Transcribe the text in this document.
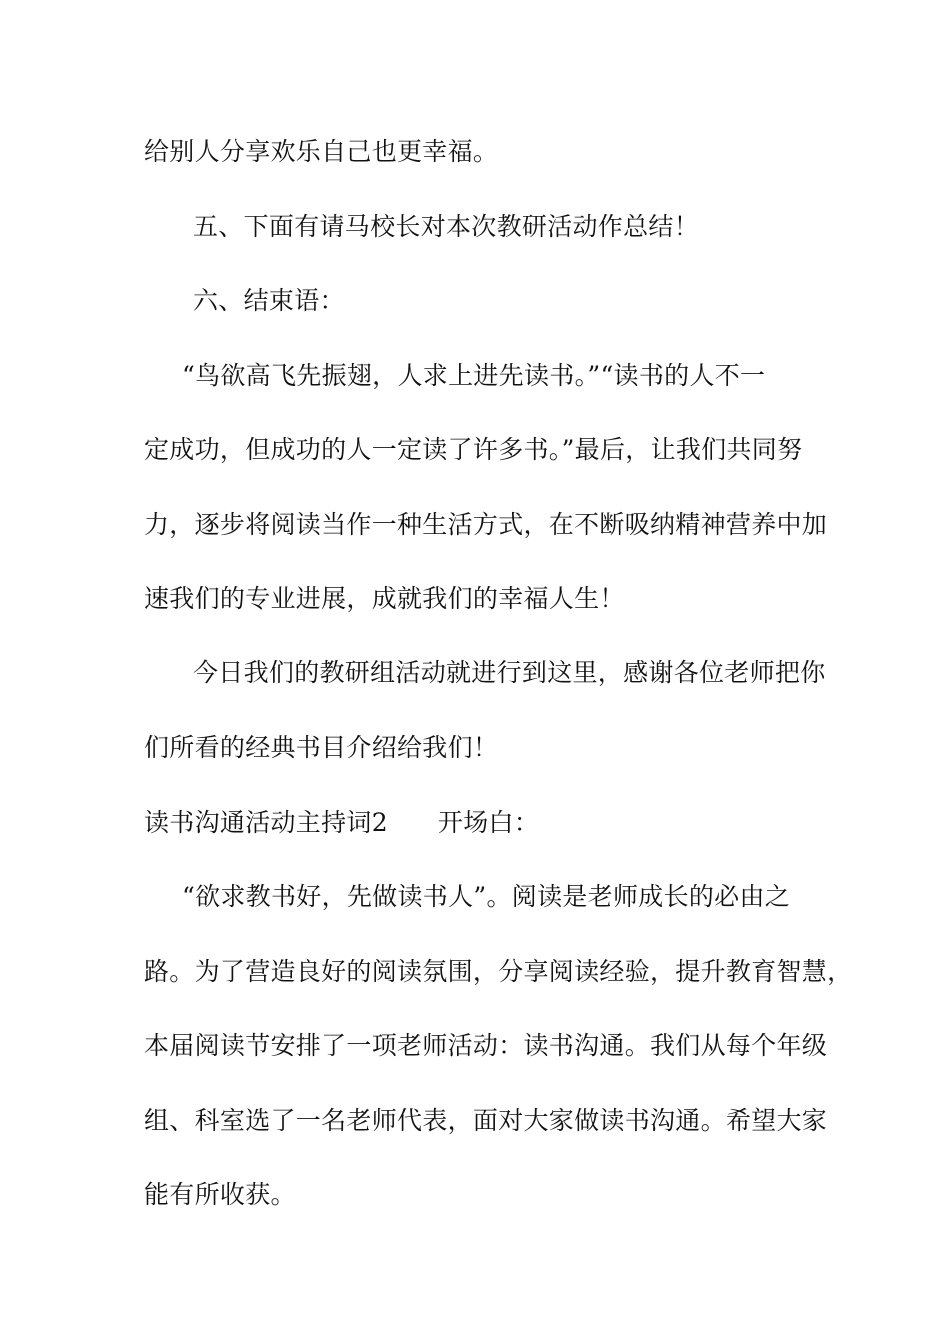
给别人分享欢乐自己也更幸福。
五、下面有请马校长对本次教研活动作总结！
六、结束语：
“鸟欲高飞先振翅，人求上进先读书。”“读书的人不一
定成功，但成功的人一定读了许多书。”最后，让我们共同努
力，逐步将阅读当作一种生活方式，在不断吸纳精神营养中加
速我们的专业进展，成就我们的幸福人生！
今日我们的教研组活动就进行到这里，感谢各位老师把你
们所看的经典书目介绍给我们！
读书沟通活动主持词2 开场白：
“欲求教书好，先做读书人”。阅读是老师成长的必由之
路。为了营造良好的阅读氛围，分享阅读经验，提升教育智慧，
本届阅读节安排了一项老师活动：读书沟通。我们从每个年级
组、科室选了一名老师代表，面对大家做读书沟通。希望大家
能有所收获。
